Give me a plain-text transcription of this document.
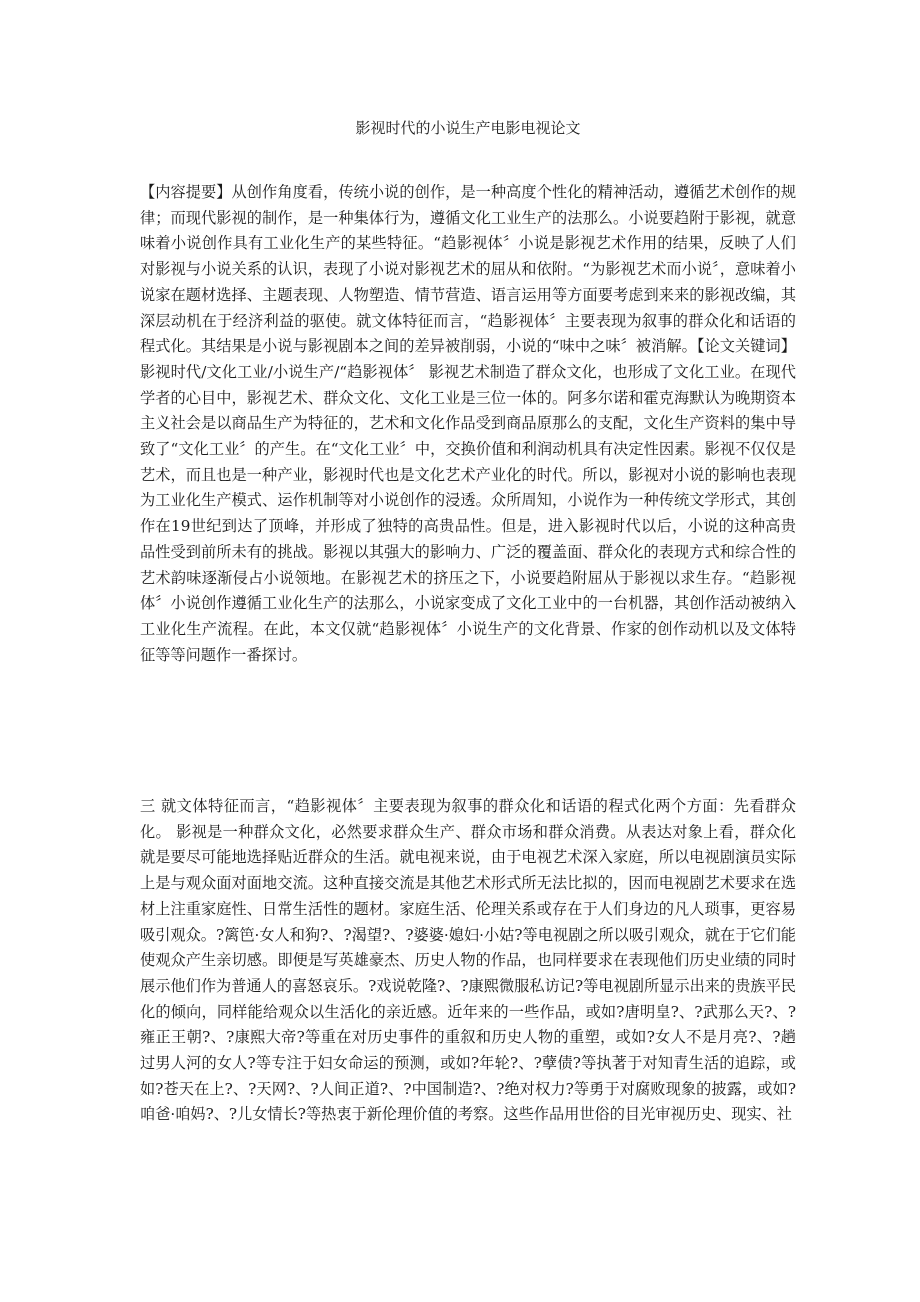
影视时代的小说生产电影电视论文

【内容提要】从创作角度看，传统小说的创作，是一种高度个性化的精神活动，遵循艺术创作的规律；而现代影视的制作，是一种集体行为，遵循文化工业生产的法那么。小说要趋附于影视，就意味着小说创作具有工业化生产的某些特征。“趋影视体〞小说是影视艺术作用的结果，反映了人们对影视与小说关系的认识，表现了小说对影视艺术的屈从和依附。“为影视艺术而小说〞，意味着小说家在题材选择、主题表现、人物塑造、情节营造、语言运用等方面要考虑到来来的影视改编，其深层动机在于经济利益的驱使。就文体特征而言，“趋影视体〞主要表现为叙事的群众化和话语的程式化。其结果是小说与影视剧本之间的差异被削弱，小说的“味中之味〞被消解。【论文关键词】 影视时代/文化工业/小说生产/“趋影视体〞 影视艺术制造了群众文化，也形成了文化工业。在现代学者的心目中，影视艺术、群众文化、文化工业是三位一体的。阿多尔诺和霍克海默认为晚期资本主义社会是以商品生产为特征的，艺术和文化作品受到商品原那么的支配，文化生产资料的集中导致了“文化工业〞的产生。在“文化工业〞中，交换价值和利润动机具有决定性因素。影视不仅仅是艺术，而且也是一种产业，影视时代也是文化艺术产业化的时代。所以，影视对小说的影响也表现为工业化生产模式、运作机制等对小说创作的浸透。众所周知，小说作为一种传统文学形式，其创作在19世纪到达了顶峰，并形成了独特的高贵品性。但是，进入影视时代以后，小说的这种高贵品性受到前所未有的挑战。影视以其强大的影响力、广泛的覆盖面、群众化的表现方式和综合性的艺术韵味逐渐侵占小说领地。在影视艺术的挤压之下，小说要趋附屈从于影视以求生存。“趋影视体〞小说创作遵循工业化生产的法那么，小说家变成了文化工业中的一台机器，其创作活动被纳入工业化生产流程。在此，本文仅就“趋影视体〞小说生产的文化背景、作家的创作动机以及文体特征等等问题作一番探讨。

三 就文体特征而言，“趋影视体〞主要表现为叙事的群众化和话语的程式化两个方面：先看群众化。 影视是一种群众文化，必然要求群众生产、群众市场和群众消费。从表达对象上看，群众化就是要尽可能地选择贴近群众的生活。就电视来说，由于电视艺术深入家庭，所以电视剧演员实际上是与观众面对面地交流。这种直接交流是其他艺术形式所无法比拟的，因而电视剧艺术要求在选材上注重家庭性、日常生活性的题材。家庭生活、伦理关系或存在于人们身边的凡人琐事，更容易吸引观众。?篱笆·女人和狗?、?渴望?、?婆婆·媳妇·小姑?等电视剧之所以吸引观众，就在于它们能使观众产生亲切感。即便是写英雄豪杰、历史人物的作品，也同样要求在表现他们历史业绩的同时展示他们作为普通人的喜怒哀乐。?戏说乾隆?、?康熙微服私访记?等电视剧所显示出来的贵族平民化的倾向，同样能给观众以生活化的亲近感。近年来的一些作品，或如?唐明皇?、?武那么天?、?雍正王朝?、?康熙大帝?等重在对历史事件的重叙和历史人物的重塑，或如?女人不是月亮?、?趟过男人河的女人?等专注于妇女命运的预测，或如?年轮?、?孽债?等执著于对知青生活的追踪，或如?苍天在上?、?天网?、?人间正道?、?中国制造?、?绝对权力?等勇于对腐败现象的披露，或如?咱爸·咱妈?、?儿女情长?等热衷于新伦理价值的考察。这些作品用世俗的目光审视历史、现实、社
